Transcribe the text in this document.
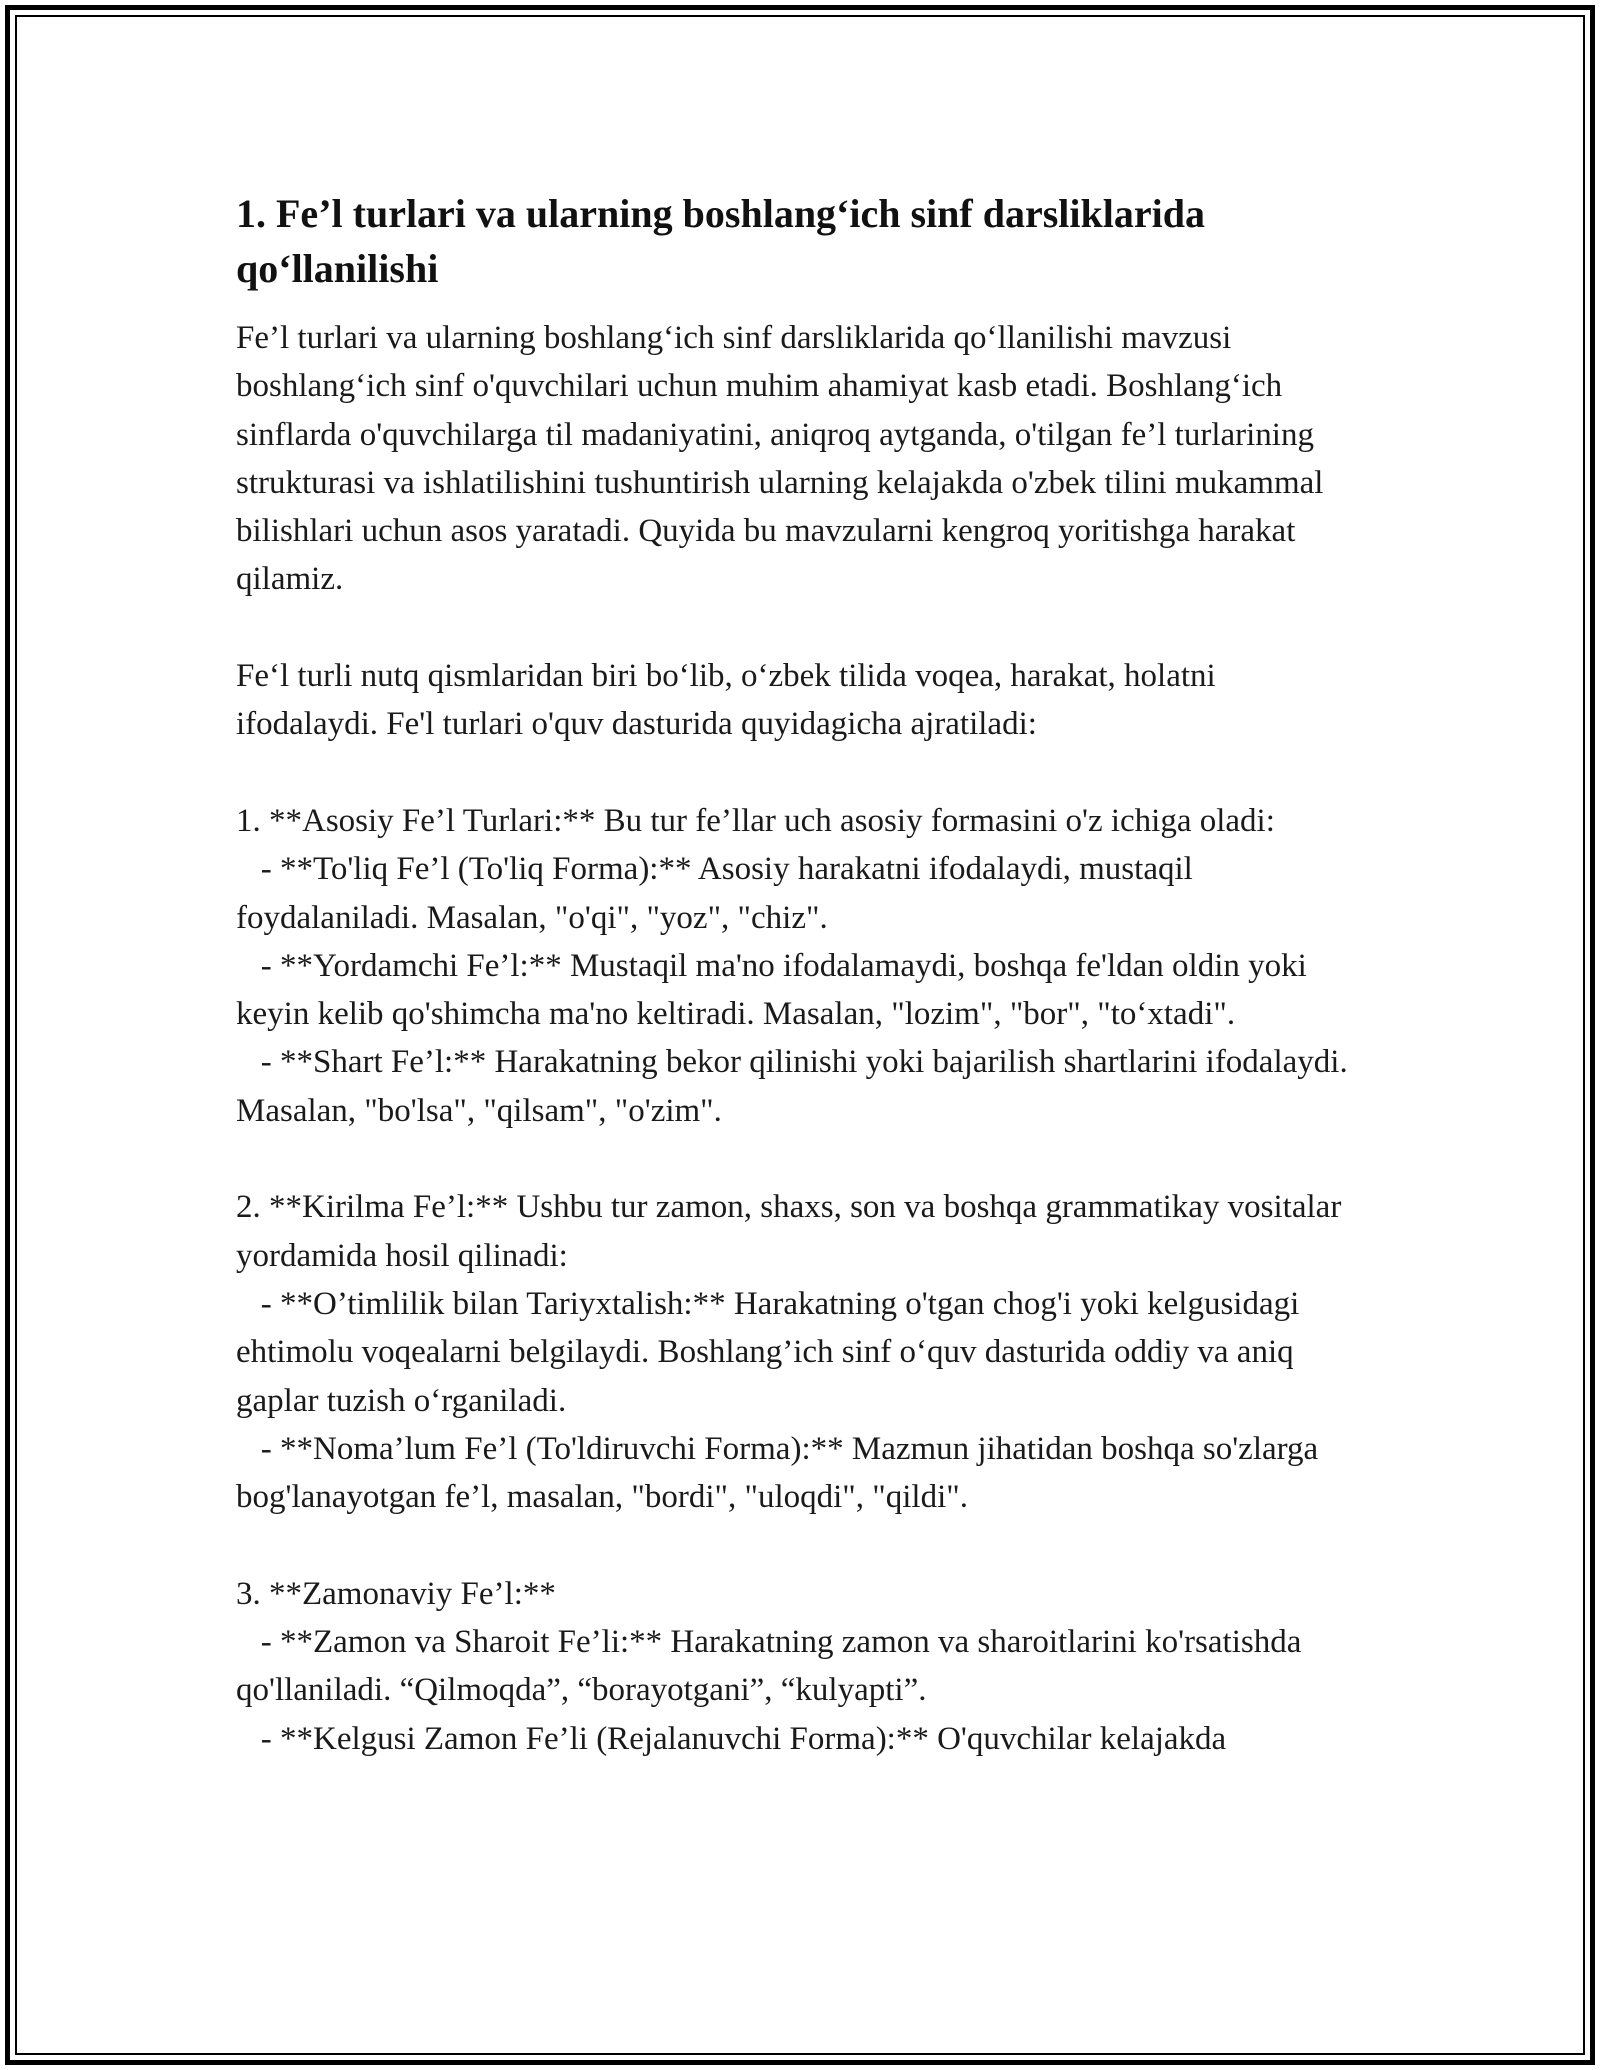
1. Fe’l turlari va ularning boshlang‘ich sinf darsliklarida qo‘llanilishi

Fe’l turlari va ularning boshlang‘ich sinf darsliklarida qo‘llanilishi mavzusi boshlang‘ich sinf o'quvchilari uchun muhim ahamiyat kasb etadi. Boshlang‘ich sinflarda o'quvchilarga til madaniyatini, aniqroq aytganda, o'tilgan fe’l turlarining strukturasi va ishlatilishini tushuntirish ularning kelajakda o'zbek tilini mukammal bilishlari uchun asos yaratadi. Quyida bu mavzularni kengroq yoritishga harakat qilamiz.

Fe‘l turli nutq qismlaridan biri bo‘lib, o‘zbek tilida voqea, harakat, holatni ifodalaydi. Fe'l turlari o'quv dasturida quyidagicha ajratiladi:

1. **Asosiy Fe’l Turlari:** Bu tur fe’llar uch asosiy formasini o'z ichiga oladi:
- **To'liq Fe’l (To'liq Forma):** Asosiy harakatni ifodalaydi, mustaqil foydalaniladi. Masalan, "o'qi", "yoz", "chiz".
- **Yordamchi Fe’l:** Mustaqil ma'no ifodalamaydi, boshqa fe'ldan oldin yoki keyin kelib qo'shimcha ma'no keltiradi. Masalan, "lozim", "bor", "to‘xtadi".
- **Shart Fe’l:** Harakatning bekor qilinishi yoki bajarilish shartlarini ifodalaydi. Masalan, "bo'lsa", "qilsam", "o'zim".

2. **Kirilma Fe’l:** Ushbu tur zamon, shaxs, son va boshqa grammatikay vositalar yordamida hosil qilinadi:
- **O’timlilik bilan Tariyxtalish:** Harakatning o'tgan chog'i yoki kelgusidagi ehtimolu voqealarni belgilaydi. Boshlang’ich sinf o‘quv dasturida oddiy va aniq gaplar tuzish o‘rganiladi.
- **Noma’lum Fe’l (To'ldiruvchi Forma):** Mazmun jihatidan boshqa so'zlarga bog'lanayotgan fe’l, masalan, "bordi", "uloqdi", "qildi".

3. **Zamonaviy Fe’l:**
- **Zamon va Sharoit Fe’li:** Harakatning zamon va sharoitlarini ko'rsatishda qo'llaniladi. “Qilmoqda”, “borayotgani”, “kulyapti”.
- **Kelgusi Zamon Fe’li (Rejalanuvchi Forma):** O'quvchilar kelajakda
